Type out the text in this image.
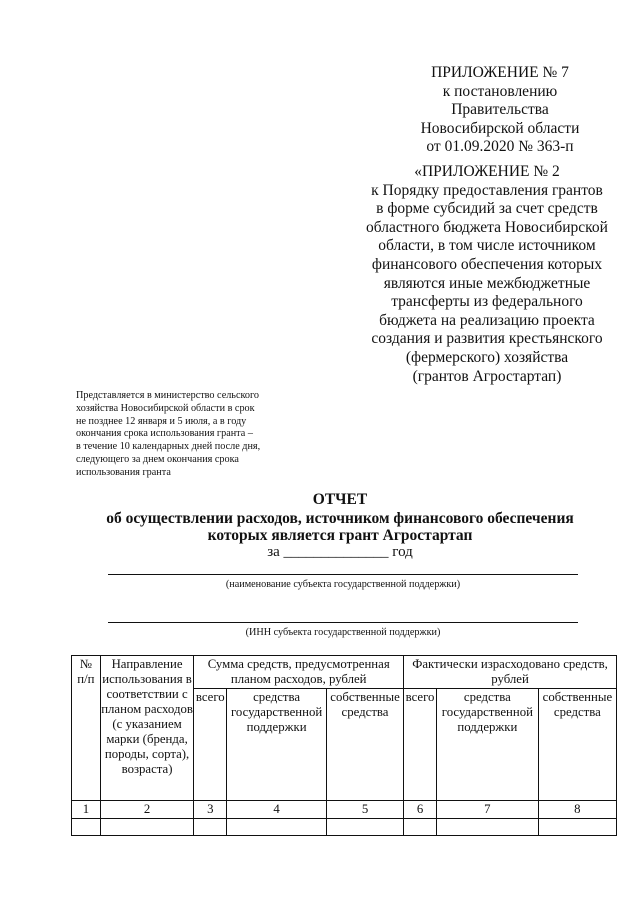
ПРИЛОЖЕНИЕ № 7
к постановлению Правительства
Новосибирской области
от 01.09.2020 № 363-п
«ПРИЛОЖЕНИЕ № 2
к Порядку предоставления грантов
в форме субсидий за счет средств
областного бюджета Новосибирской
области, в том числе источником
финансового обеспечения которых
являются иные межбюджетные
трансферты из федерального
бюджета на реализацию проекта
создания и развития крестьянского
(фермерского) хозяйства
(грантов Агростартап)
Представляется в министерство сельского
хозяйства Новосибирской области в срок
не позднее 12 января и 5 июля, а в году
окончания срока использования гранта –
в течение 10 календарных дней после дня,
следующего за днем окончания срока
использования гранта
ОТЧЕТ
об осуществлении расходов, источником финансового обеспечения
которых является грант Агростартап
за ______________ год
(наименование субъекта государственной поддержки)
(ИНН субъекта государственной поддержки)
№ п/п	Направление использования в соответствии с планом расходов (с указанием марки (бренда, породы, сорта), возраста)	Сумма средств, предусмотренная планом расходов, рублей			Фактически израсходовано средств, рублей		
		всего	средства государственной поддержки	собственные средства	всего	средства государственной поддержки	собственные средства
1	2	3	4	5	6	7	8
